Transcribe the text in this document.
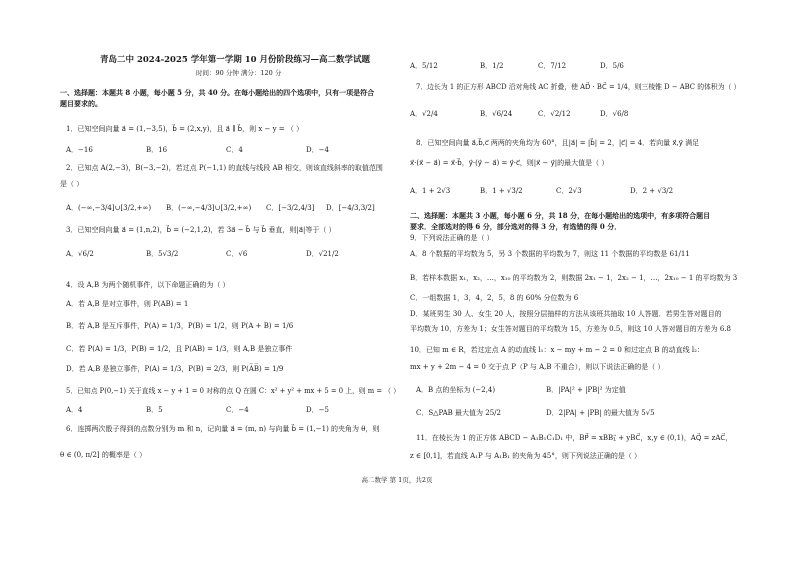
青岛二中 2024-2025 学年第一学期 10 月份阶段练习—高二数学试题
时间：90 分钟 满分：120 分
一、选择题：本题共 8 小题，每小题 5 分，共 40 分。在每小题给出的四个选项中，只有一项是符合
题目要求的。
1．已知空间向量 a⃗ = (1,−3,5)，b⃗ = (2,x,y)，且 a⃗ ∥ b⃗，则 x − y = （ ）
A．−16	B．16	C．4	D．−4
2．已知点 A(2,−3)，B(−3,−2)，若过点 P(−1,1) 的直线与线段 AB 相交，则该直线斜率的取值范围
是（ ）
A．(−∞,−3/4]∪[3/2,+∞) B．(−∞,−4/3]∪[3/2,+∞) C．[−3/2,4/3] D．[−4/3,3/2]
3．已知空间向量 a⃗ = (1,n,2)，b⃗ = (−2,1,2)，若 3a⃗ − b⃗ 与 b⃗ 垂直，则|a⃗|等于（ ）
A．√6/2	B．5√3/2	C．√6	D．√21/2
4．设 A,B 为两个随机事件，以下命题正确的为（ ）
A．若 A,B 是对立事件，则 P(AB) = 1
B．若 A,B 是互斥事件，P(A) = 1/3，P(B) = 1/2，则 P(A + B) = 1/6
C．若 P(A) = 1/3，P(B) = 1/2，且 P(AB) = 1/3，则 A,B 是独立事件
D．若 A,B 是独立事件，P(A) = 1/3，P(B) = 2/3，则 P(A̅B̅) = 1/9
5．已知点 P(0,−1) 关于直线 x − y + 1 = 0 对称的点 Q 在圆 C：x² + y² + mx + 5 = 0 上，则 m = （ ）
A．4	B．5	C．−4	D．−5
6．连掷两次骰子得到的点数分别为 m 和 n，记向量 a⃗ = (m, n) 与向量 b⃗ = (1,−1) 的夹角为 θ，则
θ ∈ (0, π/2] 的概率是（ ）
A．5/12	B．1/2	C．7/12	D．5/6
7．边长为 1 的正方形 ABCD 沿对角线 AC 折叠，使 AD⃗ · BC⃗ = 1/4，则三棱锥 D − ABC 的体积为（ ）
A．√2/4	B．√6/24	C．√2/12	D．√6/8
8．已知空间向量 a⃗,b⃗,c⃗ 两两的夹角均为 60°，且|a⃗| = |b⃗| = 2，|c⃗| = 4．若向量 x⃗,y⃗ 满足
x⃗·(x⃗ − a⃗) = x⃗·b⃗，y⃗·(y⃗ − a⃗) = y⃗·c⃗，则|x⃗ − y⃗|的最大值是（ ）
A．1 + 2√3	B．1 + √3/2	C．2√3	D．2 + √3/2
二、选择题：本题共 3 小题，每小题 6 分，共 18 分，在每小题给出的选项中，有多项符合题目
要求．全部选对的得 6 分，部分选对的得 3 分，有选错的得 0 分．
9．下列说法正确的是（ ）
A．8 个数据的平均数为 5，另 3 个数据的平均数为 7，则这 11 个数据的平均数是 61/11
B．若样本数据 x₁，x₂，…，x₁₀ 的平均数为 2，则数据 2x₁ − 1，2x₂ − 1，…，2x₁₀ − 1 的平均数为 3
C．一组数据 1，3，4，2，5，8 的 60% 分位数为 6
D．某班男生 30 人、女生 20 人，按照分层抽样的方法从该班共抽取 10 人答题．若男生答对题目的
平均数为 10，方差为 1；女生答对题目的平均数为 15，方差为 0.5，则这 10 人答对题目的方差为 6.8
10．已知 m ∈ R，若过定点 A 的动直线 l₁：x − my + m − 2 = 0 和过定点 B 的动直线 l₂：
mx + y + 2m − 4 = 0 交于点 P（P 与 A,B 不重合），则以下说法正确的是（ ）
A．B 点的坐标为 (−2,4)	B．|PA|² + |PB|² 为定值
C．S△PAB 最大值为 25/2	D．2|PA| + |PB| 的最大值为 5√5
11．在棱长为 1 的正方体 ABCD − A₁B₁C₁D₁ 中，BP⃗ = xBB₁⃗ + yBC⃗，x,y ∈ (0,1)，AQ⃗ = zAC⃗，
z ∈ [0,1]，若直线 A₁P 与 A₁B₁ 的夹角为 45°，则下列说法正确的是（ ）
高二数学 第 1页，共2页
